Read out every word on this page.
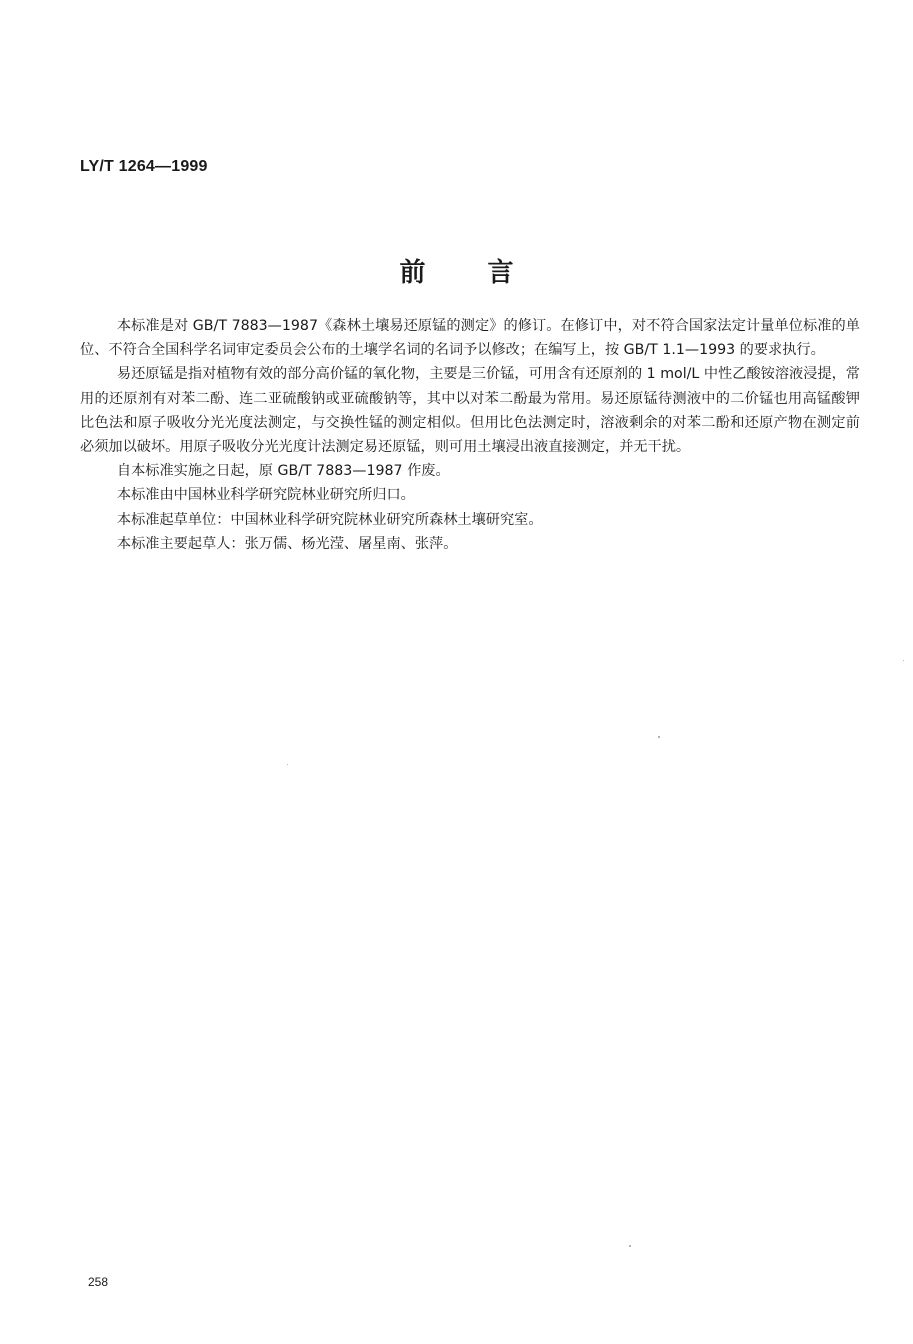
LY/T 1264—1999
前言

本标准是对 GB/T 7883—1987《森林土壤易还原锰的测定》的修订。在修订中，对不符合国家法定计量单位标准的单位、不符合全国科学名词审定委员会公布的土壤学名词的名词予以修改；在编写上，按 GB/T 1.1—1993 的要求执行。

易还原锰是指对植物有效的部分高价锰的氧化物，主要是三价锰，可用含有还原剂的 1 mol/L 中性乙酸铵溶液浸提，常用的还原剂有对苯二酚、连二亚硫酸钠或亚硫酸钠等，其中以对苯二酚最为常用。易还原锰待测液中的二价锰也用高锰酸钾比色法和原子吸收分光光度法测定，与交换性锰的测定相似。但用比色法测定时，溶液剩余的对苯二酚和还原产物在测定前必须加以破坏。用原子吸收分光光度计法测定易还原锰，则可用土壤浸出液直接测定，并无干扰。

自本标准实施之日起，原 GB/T 7883—1987 作废。

本标准由中国林业科学研究院林业研究所归口。

本标准起草单位：中国林业科学研究院林业研究所森林土壤研究室。

本标准主要起草人：张万儒、杨光滢、屠星南、张萍。

258
